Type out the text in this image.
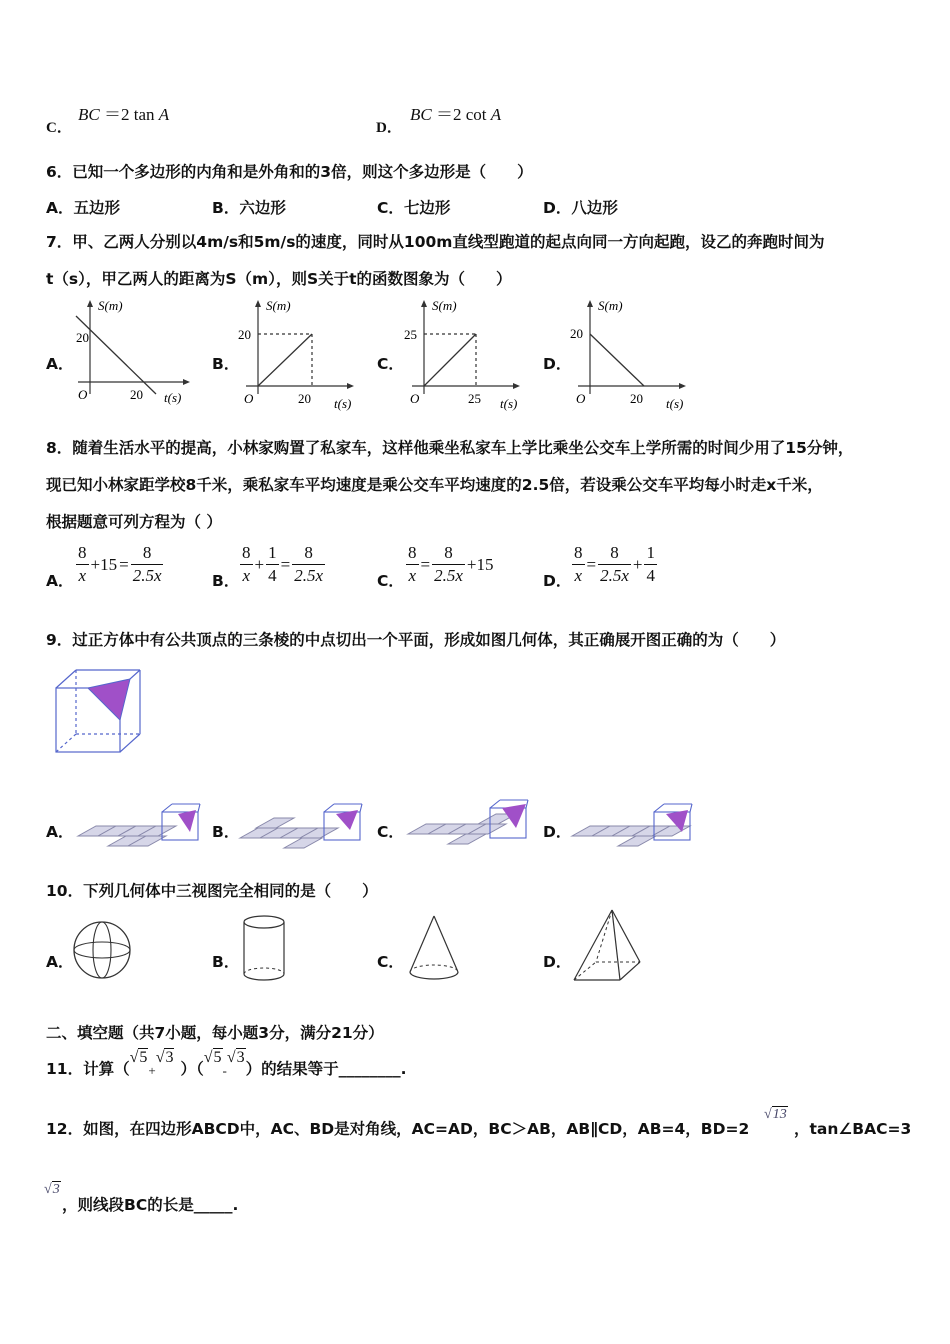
C．
BC ＝2 tan A
D．
BC ＝2 cot A
6．已知一个多边形的内角和是外角和的3倍，则这个多边形是（　　）
A．五边形	B．六边形	C．七边形	D．八边形
7．甲、乙两人分别以4m/s和5m/s的速度，同时从100m直线型跑道的起点向同一方向起跑，设乙的奔跑时间为
t（s），甲乙两人的距离为S（m），则S关于t的函数图象为（　　）
A．
S(m)
t(s)
20
20
O
B．
S(m)
t(s)
20
20
O
C．
S(m)
t(s)
25
25
O
D．
S(m)
t(s)
20
20
O
8．随着生活水平的提高，小林家购置了私家车，这样他乘坐私家车上学比乘坐公交车上学所需的时间少用了15分钟，
现已知小林家距学校8千米，乘私家车平均速度是乘公交车平均速度的2.5倍，若设乘公交车平均每小时走x千米，
根据题意可列方程为（ ）
A． $\frac{8}{x} +15 = \frac{8}{2.5x}$	B． $\frac{8}{x} + \frac{1}{4} = \frac{8}{2.5x}$	C． $\frac{8}{x} = \frac{8}{2.5x} +15$
D． $\frac{8}{x} = \frac{8}{2.5x} + \frac{1}{4}$
9．过正方体中有公共顶点的三条棱的中点切出一个平面，形成如图几何体，其正确展开图正确的为（　　）
A．	B．	C．	D．
10．下列几何体中三视图完全相同的是（　　）
A．	B．	C．	D．
二、填空题（共7小题，每小题3分，满分21分）
11．计算（
√5
+
√3
）（
√5
-
√3
）的结果等于________.
12．如图，在四边形ABCD中，AC、BD是对角线，AC=AD，BC＞AB，AB∥CD，AB=4，BD=2
√13
，tan∠BAC=3
√3
，则线段BC的长是_____.
